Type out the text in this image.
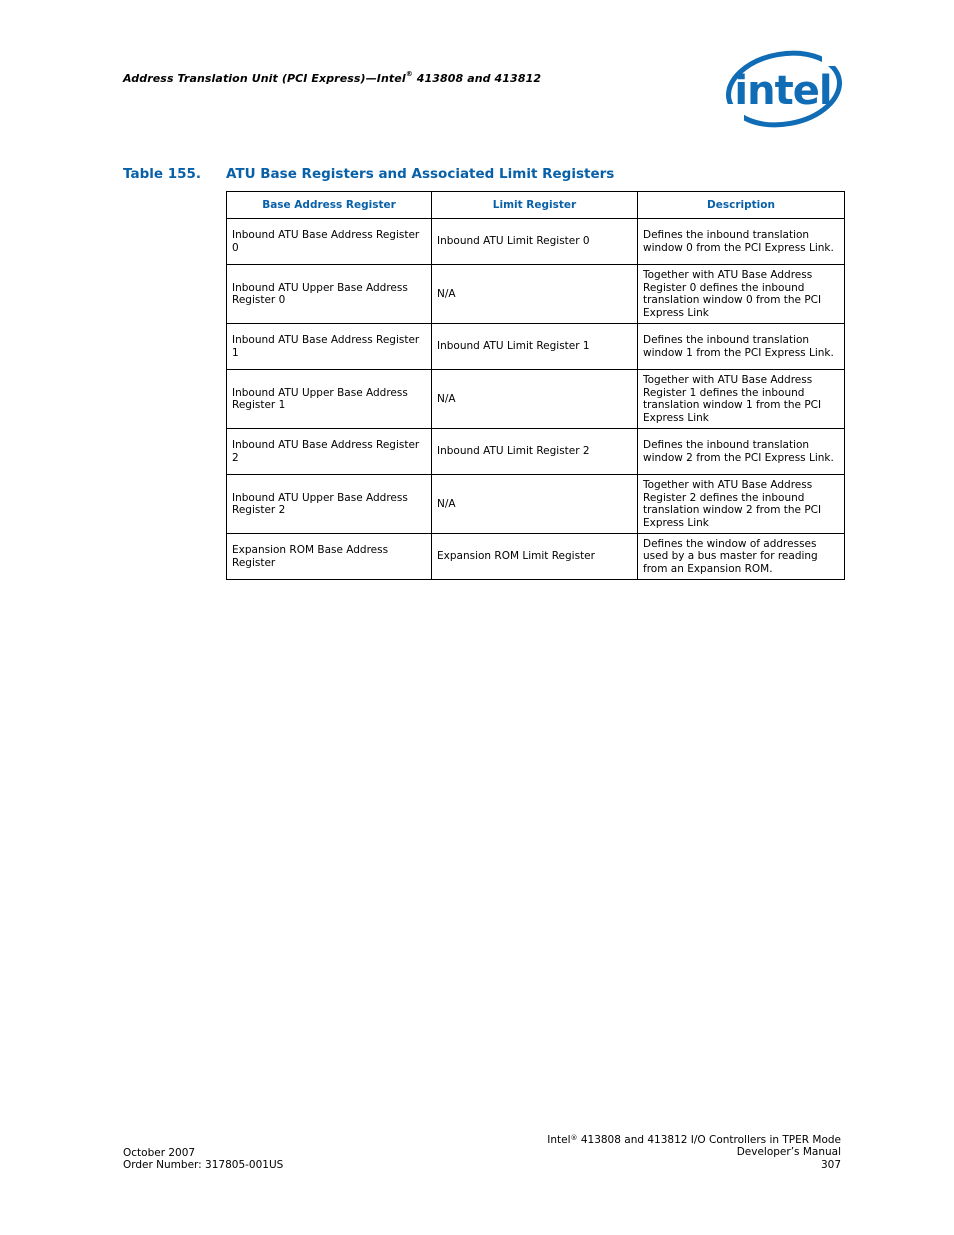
Address Translation Unit (PCI Express)—Intel® 413808 and 413812	intel
Table 155. ATU Base Registers and Associated Limit Registers
Base Address Register	Limit Register	Description
Inbound ATU Base Address Register 0	Inbound ATU Limit Register 0	Defines the inbound translation window 0 from the PCI Express Link.
Inbound ATU Upper Base Address Register 0	N/A	Together with ATU Base Address Register 0 defines the inbound translation window 0 from the PCI Express Link
Inbound ATU Base Address Register 1	Inbound ATU Limit Register 1	Defines the inbound translation window 1 from the PCI Express Link.
Inbound ATU Upper Base Address Register 1	N/A	Together with ATU Base Address Register 1 defines the inbound translation window 1 from the PCI Express Link
Inbound ATU Base Address Register 2	Inbound ATU Limit Register 2	Defines the inbound translation window 2 from the PCI Express Link.
Inbound ATU Upper Base Address Register 2	N/A	Together with ATU Base Address Register 2 defines the inbound translation window 2 from the PCI Express Link
Expansion ROM Base Address Register	Expansion ROM Limit Register	Defines the window of addresses used by a bus master for reading from an Expansion ROM.
October 2007
Order Number: 317805-001US
Intel® 413808 and 413812 I/O Controllers in TPER Mode
Developer’s Manual
307
